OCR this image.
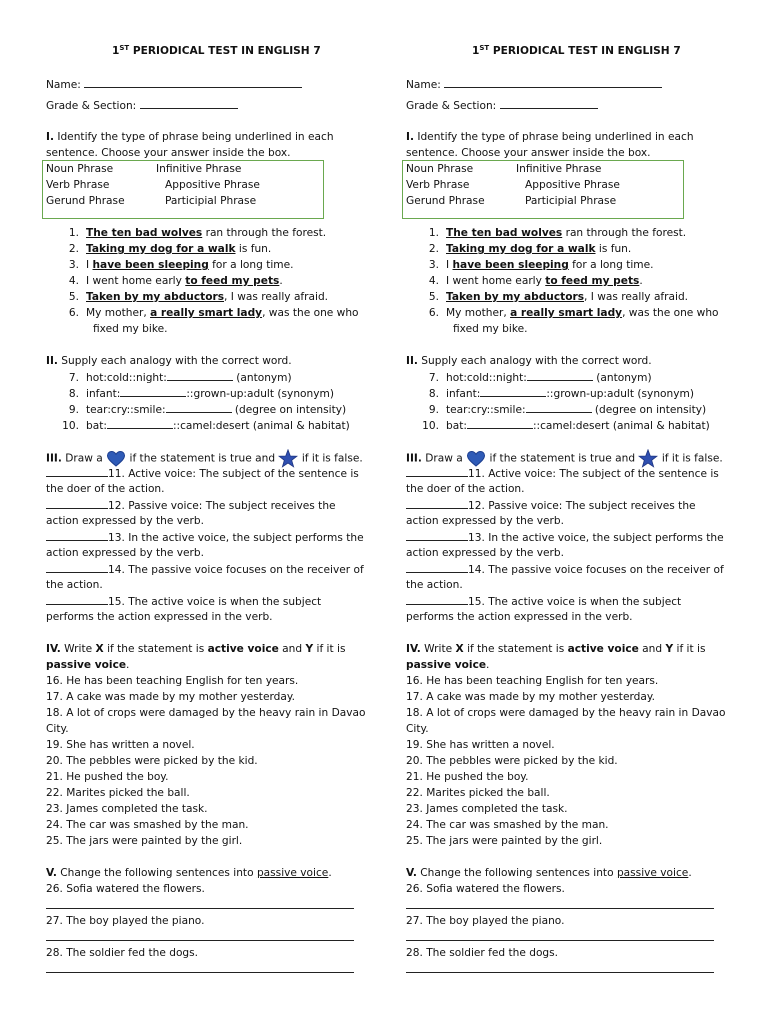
1ST PERIODICAL TEST IN ENGLISH 7
Name:
Grade & Section:
I. Identify the type of phrase being underlined in each
sentence. Choose your answer inside the box.
Noun Phrase	Infinitive Phrase
Verb Phrase	Appositive Phrase
Gerund Phrase	Participial Phrase
1. The ten bad wolves ran through the forest.
2. Taking my dog for a walk is fun.
3. I have been sleeping for a long time.
4. I went home early to feed my pets.
5. Taken by my abductors, I was really afraid.
6. My mother, a really smart lady, was the one who
fixed my bike.
II. Supply each analogy with the correct word.
7. hot:cold::night:	(antonym)
8. infant:	::grown-up:adult (synonym)
9. tear:cry::smile:	(degree on intensity)
10. bat:	::camel:desert (animal & habitat)
III. Draw a  if the statement is true and  if it is false.
11. Active voice: The subject of the sentence is
the doer of the action.
12. Passive voice: The subject receives the
action expressed by the verb.
13. In the active voice, the subject performs the
action expressed by the verb.
14. The passive voice focuses on the receiver of
the action.
15. The active voice is when the subject
performs the action expressed in the verb.
IV. Write X if the statement is active voice and Y if it is
passive voice.
16. He has been teaching English for ten years.
17. A cake was made by my mother yesterday.
18. A lot of crops were damaged by the heavy rain in Davao
City.
19. She has written a novel.
20. The pebbles were picked by the kid.
21. He pushed the boy.
22. Marites picked the ball.
23. James completed the task.
24. The car was smashed by the man.
25. The jars were painted by the girl.
V. Change the following sentences into passive voice.
26. Sofia watered the flowers.
27. The boy played the piano.
28. The soldier fed the dogs.
1ST PERIODICAL TEST IN ENGLISH 7
Name:
Grade & Section:
I. Identify the type of phrase being underlined in each
sentence. Choose your answer inside the box.
Noun Phrase	Infinitive Phrase
Verb Phrase	Appositive Phrase
Gerund Phrase	Participial Phrase
1. The ten bad wolves ran through the forest.
2. Taking my dog for a walk is fun.
3. I have been sleeping for a long time.
4. I went home early to feed my pets.
5. Taken by my abductors, I was really afraid.
6. My mother, a really smart lady, was the one who
fixed my bike.
II. Supply each analogy with the correct word.
7. hot:cold::night:	(antonym)
8. infant:	::grown-up:adult (synonym)
9. tear:cry::smile:	(degree on intensity)
10. bat:	::camel:desert (animal & habitat)
III. Draw a  if the statement is true and  if it is false.
11. Active voice: The subject of the sentence is
the doer of the action.
12. Passive voice: The subject receives the
action expressed by the verb.
13. In the active voice, the subject performs the
action expressed by the verb.
14. The passive voice focuses on the receiver of
the action.
15. The active voice is when the subject
performs the action expressed in the verb.
IV. Write X if the statement is active voice and Y if it is
passive voice.
16. He has been teaching English for ten years.
17. A cake was made by my mother yesterday.
18. A lot of crops were damaged by the heavy rain in Davao
City.
19. She has written a novel.
20. The pebbles were picked by the kid.
21. He pushed the boy.
22. Marites picked the ball.
23. James completed the task.
24. The car was smashed by the man.
25. The jars were painted by the girl.
V. Change the following sentences into passive voice.
26. Sofia watered the flowers.
27. The boy played the piano.
28. The soldier fed the dogs.
